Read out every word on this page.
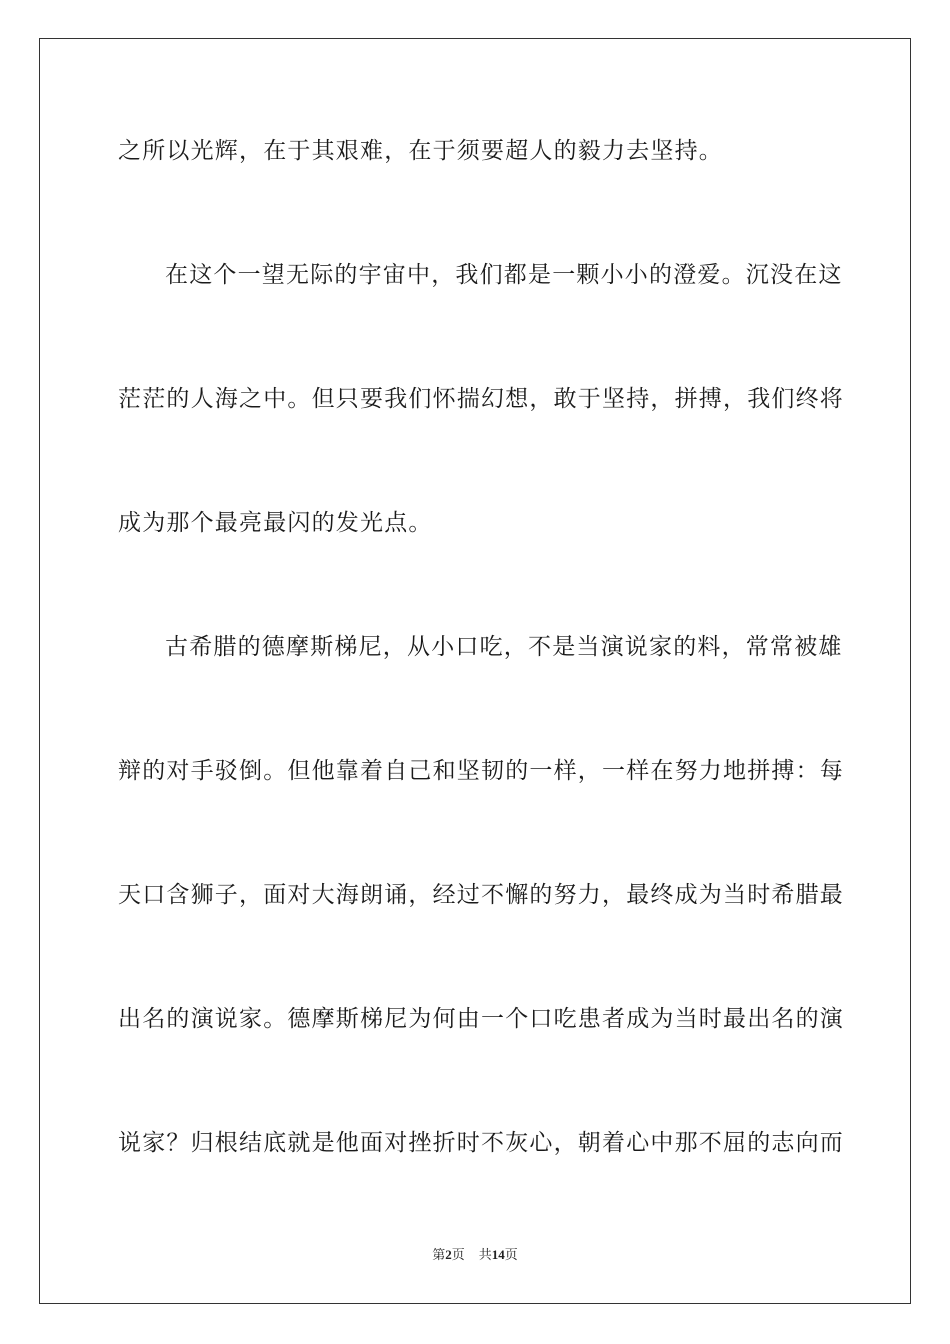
之所以光辉，在于其艰难，在于须要超人的毅力去坚持。
在这个一望无际的宇宙中，我们都是一颗小小的澄爱。沉没在这
茫茫的人海之中。但只要我们怀揣幻想，敢于坚持，拼搏，我们终将
成为那个最亮最闪的发光点。
古希腊的德摩斯梯尼，从小口吃，不是当演说家的料，常常被雄
辩的对手驳倒。但他靠着自己和坚韧的一样，一样在努力地拼搏：每
天口含狮子，面对大海朗诵，经过不懈的努力，最终成为当时希腊最
出名的演说家。德摩斯梯尼为何由一个口吃患者成为当时最出名的演
说家？归根结底就是他面对挫折时不灰心，朝着心中那不屈的志向而
第2页 共14页
